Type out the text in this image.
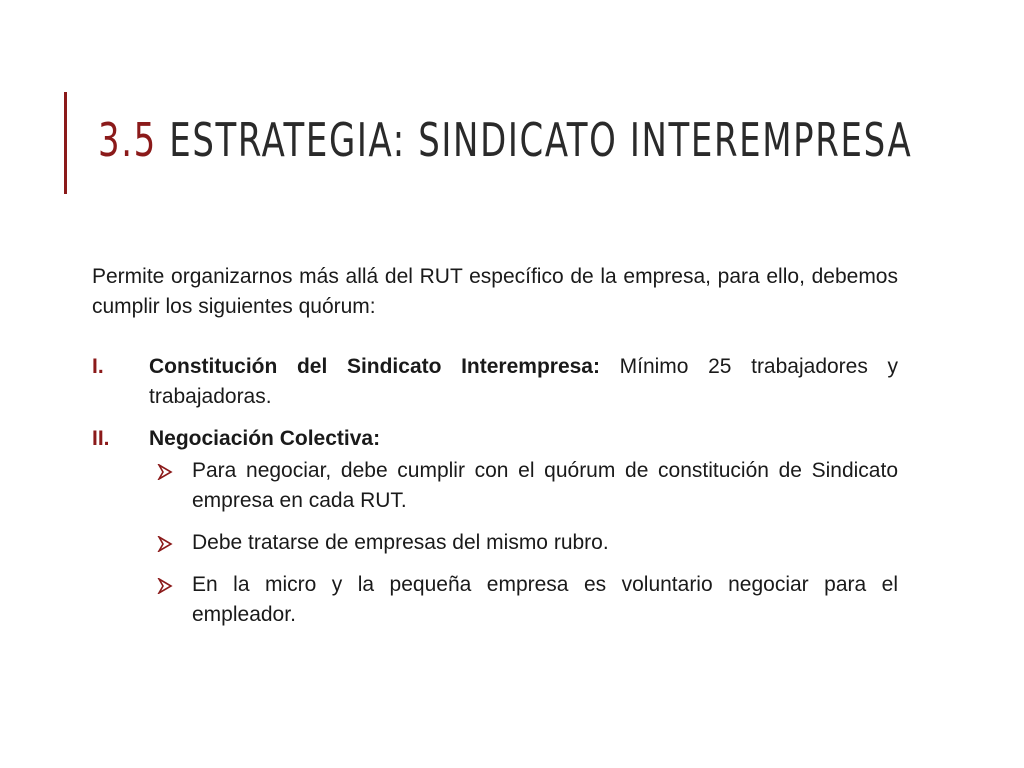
3.5 ESTRATEGIA: SINDICATO INTEREMPRESA

Permite organizarnos más allá del RUT específico de la empresa, para ello, debemos cumplir los siguientes quórum:

I.	Constitución del Sindicato Interempresa: Mínimo 25 trabajadores y trabajadoras.
II.	Negociación Colectiva:
Para negociar, debe cumplir con el quórum de constitución de Sindicato empresa en cada RUT.
Debe tratarse de empresas del mismo rubro.
En la micro y la pequeña empresa es voluntario negociar para el empleador.
